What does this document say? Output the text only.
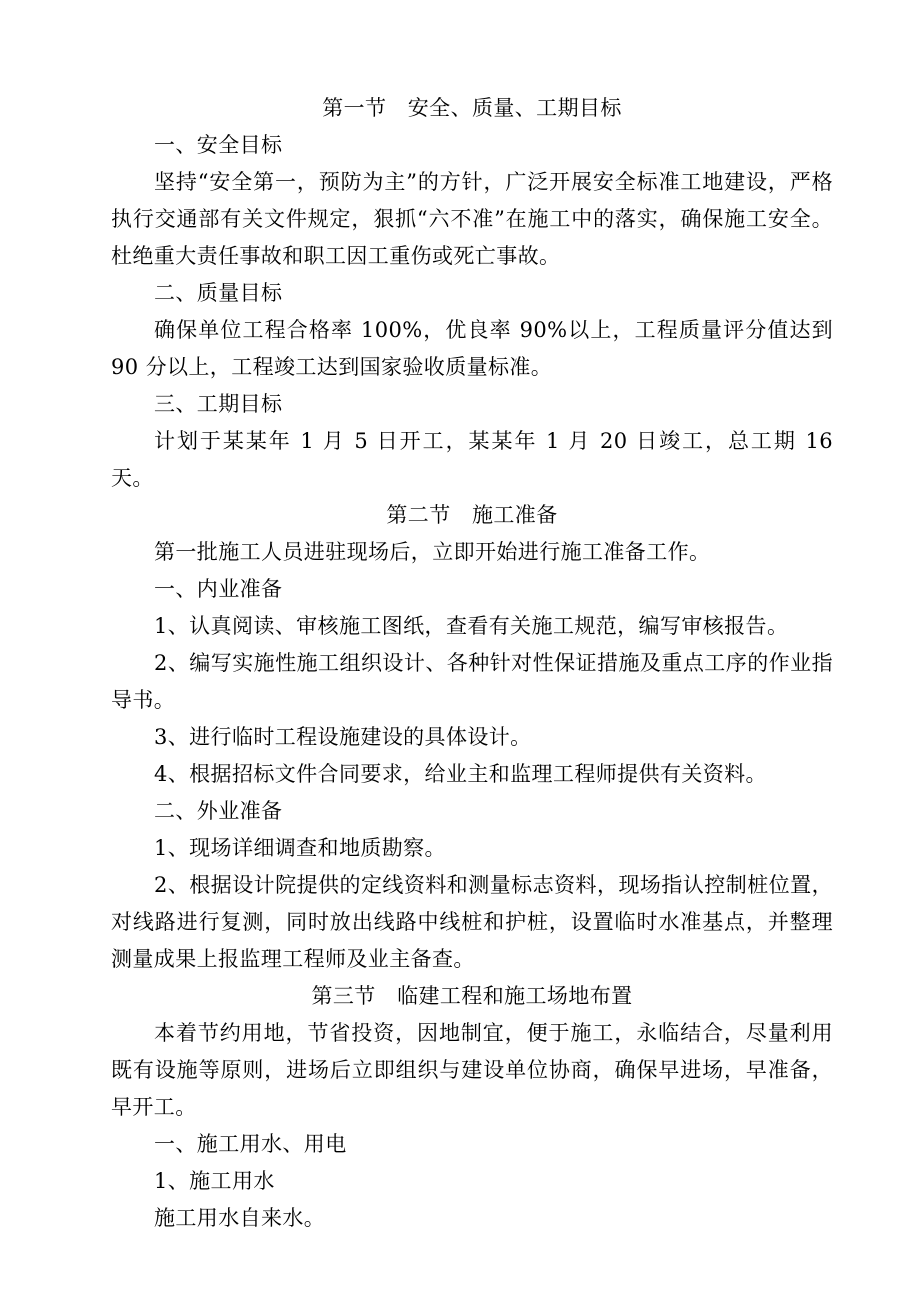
第一节　安全、质量、工期目标
一、安全目标

坚持“安全第一，预防为主”的方针，广泛开展安全标准工地建设，严格执行交通部有关文件规定，狠抓“六不准”在施工中的落实，确保施工安全。杜绝重大责任事故和职工因工重伤或死亡事故。

二、质量目标

确保单位工程合格率 100%，优良率 90%以上，工程质量评分值达到 90 分以上，工程竣工达到国家验收质量标准。

三、工期目标

计划于某某年 1 月 5 日开工，某某年 1 月 20 日竣工，总工期 16 天。

第二节　施工准备

第一批施工人员进驻现场后，立即开始进行施工准备工作。

一、内业准备

1、认真阅读、审核施工图纸，查看有关施工规范，编写审核报告。

2、编写实施性施工组织设计、各种针对性保证措施及重点工序的作业指导书。

3、进行临时工程设施建设的具体设计。

4、根据招标文件合同要求，给业主和监理工程师提供有关资料。

二、外业准备

1、现场详细调查和地质勘察。

2、根据设计院提供的定线资料和测量标志资料，现场指认控制桩位置，对线路进行复测，同时放出线路中线桩和护桩，设置临时水准基点，并整理测量成果上报监理工程师及业主备查。

第三节　临建工程和施工场地布置

本着节约用地，节省投资，因地制宜，便于施工，永临结合，尽量利用既有设施等原则，进场后立即组织与建设单位协商，确保早进场，早准备，早开工。

一、施工用水、用电
1、施工用水

施工用水自来水。
